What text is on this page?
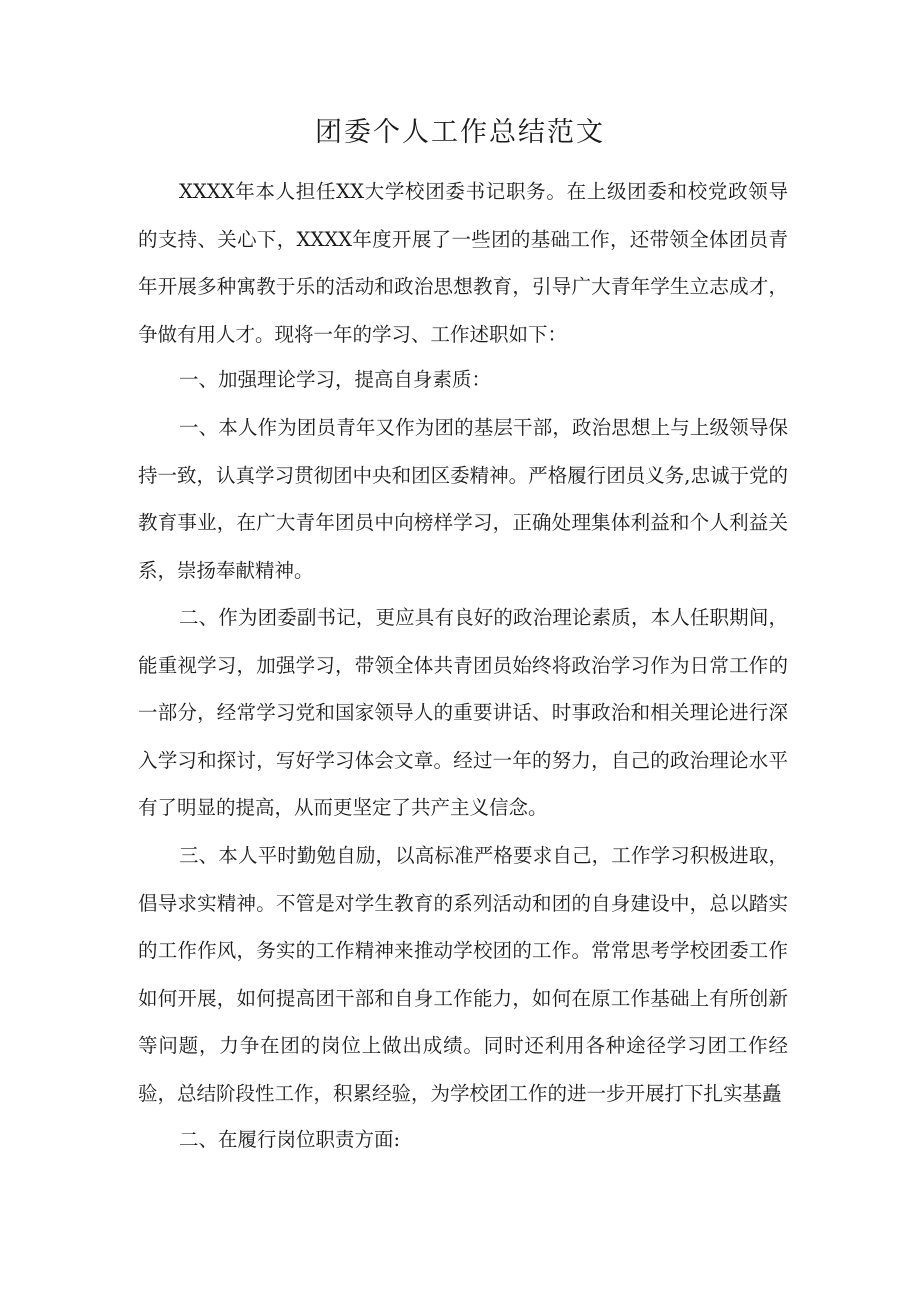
团委个人工作总结范文

XXXX年本人担任XX大学校团委书记职务。在上级团委和校党政领导的支持、关心下，XXXX年度开展了一些团的基础工作，还带领全体团员青年开展多种寓教于乐的活动和政治思想教育，引导广大青年学生立志成才，争做有用人才。现将一年的学习、工作述职如下：

一、加强理论学习，提高自身素质：

一、本人作为团员青年又作为团的基层干部，政治思想上与上级领导保持一致，认真学习贯彻团中央和团区委精神。严格履行团员义务,忠诚于党的教育事业，在广大青年团员中向榜样学习，正确处理集体利益和个人利益关系，崇扬奉献精神。

二、作为团委副书记，更应具有良好的政治理论素质，本人任职期间，能重视学习，加强学习，带领全体共青团员始终将政治学习作为日常工作的一部分，经常学习党和国家领导人的重要讲话、时事政治和相关理论进行深入学习和探讨，写好学习体会文章。经过一年的努力，自己的政治理论水平有了明显的提高，从而更坚定了共产主义信念。

三、本人平时勤勉自励，以高标准严格要求自己，工作学习积极进取，倡导求实精神。不管是对学生教育的系列活动和团的自身建设中，总以踏实的工作作风，务实的工作精神来推动学校团的工作。常常思考学校团委工作如何开展，如何提高团干部和自身工作能力，如何在原工作基础上有所创新等问题，力争在团的岗位上做出成绩。同时还利用各种途径学习团工作经验，总结阶段性工作，积累经验，为学校团工作的进一步开展打下扎实基矗

二、在履行岗位职责方面:
